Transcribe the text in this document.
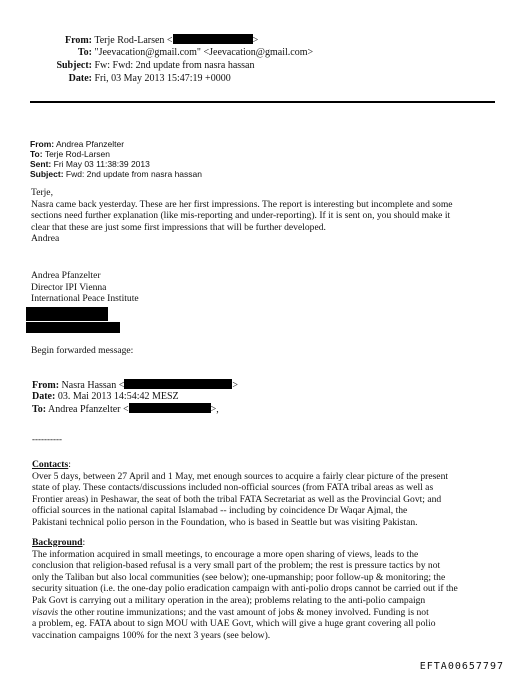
From: Terje Rod-Larsen <	>
To: "Jeevacation@gmail.com" <Jeevacation@gmail.com>
Subject: Fw: Fwd: 2nd update from nasra hassan
Date: Fri, 03 May 2013 15:47:19 +0000
From: Andrea Pfanzelter
To: Terje Rod-Larsen
Sent: Fri May 03 11:38:39 2013
Subject: Fwd: 2nd update from nasra hassan
Terje,
Nasra came back yesterday. These are her first impressions. The report is interesting but incomplete and some
sections need further explanation (like mis-reporting and under-reporting). If it is sent on, you should make it
clear that these are just some first impressions that will be further developed.
Andrea
Andrea Pfanzelter
Director IPI Vienna
International Peace Institute
Begin forwarded message:
From: Nasra Hassan <	>
Date: 03. Mai 2013 14:54:42 MESZ
To: Andrea Pfanzelter <	>,
----------
Contacts:
Over 5 days, between 27 April and 1 May, met enough sources to acquire a fairly clear picture of the present
state of play. These contacts/discussions included non-official sources (from FATA tribal areas as well as
Frontier areas) in Peshawar, the seat of both the tribal FATA Secretariat as well as the Provincial Govt; and
official sources in the national capital Islamabad -- including by coincidence Dr Waqar Ajmal, the
Pakistani technical polio person in the Foundation, who is based in Seattle but was visiting Pakistan.
Background:
The information acquired in small meetings, to encourage a more open sharing of views, leads to the
conclusion that religion-based refusal is a very small part of the problem; the rest is pressure tactics by not
only the Taliban but also local communities (see below); one-upmanship; poor follow-up & monitoring; the
security situation (i.e. the one-day polio eradication campaign with anti-polio drops cannot be carried out if the
Pak Govt is carrying out a military operation in the area); problems relating to the anti-polio campaign
visavis the other routine immunizations; and the vast amount of jobs & money involved. Funding is not
a problem, eg. FATA about to sign MOU with UAE Govt, which will give a huge grant covering all polio
vaccination campaigns 100% for the next 3 years (see below).
EFTA00657797
